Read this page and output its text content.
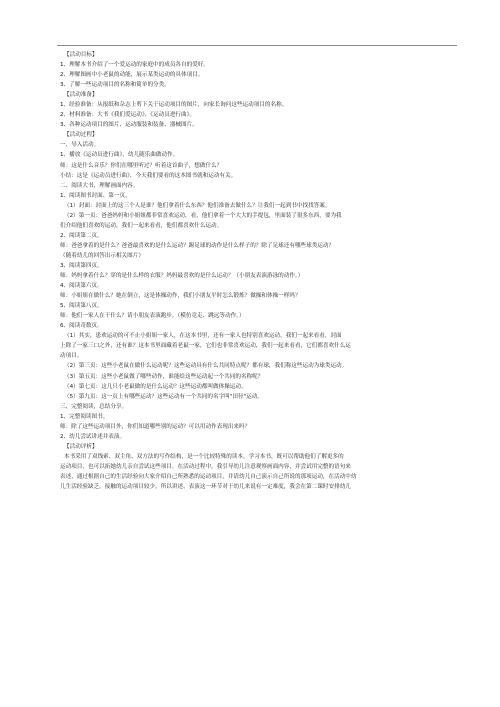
【活动目标】
1、理解本书介绍了一个爱运动的家庭中的成员各自的爱好。
2、理解图画中小老鼠的动能，展示某类运动的具体项目。
3、了解一些运动项目的名称和简单的分类。
【活动准备】
1、经验准备：从报纸和杂志上剪下关于运动项目的图片，向家长询问这些运动项目的名称。
2、材料准备：大书《我们爱运动》、《运动员进行曲》。
3、各种运动项目的图片、运动服装和装备、器械图片。
【活动过程】
一、导入活动。
1、播放《运动员进行曲》，幼儿随乐曲做动作。
师：这是什么音乐？你们在哪里听过？听着这首曲子，想做什么？
小结：这是《运动员进行曲》，今天我们要看的这本图书就和运动有关。
二、阅读大书，理解画面内容。
1、阅读图书封面、第一页。
（1）封面：封面上的这三个人是谁？他们拿着什么东西？他们准备去做什么？让我们一起到书中找找答案。
（2）第一页：爸爸妈妈和小姐姐都非常喜欢运动，看，他们拿着一个大大的手提包，里面装了很多东西，要为我
们介绍他们喜欢的运动，我们一起来看看，他们都喜欢什么运动。
2、阅读第二页。
师：爸爸拿着的是什么？爸爸最喜欢的是什么运动？踢足球的动作是什么样子的？除了足球还有哪些球类运动？
（随着幼儿的回答出示相关图片）
3、阅读第四页。
师：妈妈拿着什么？穿的是什么样的衣服？妈妈最喜欢的是什么运动？（小朋友表演游泳的动作。）
4、阅读第六页。
师：小姐姐在做什么？她在倒立，这是体操动作，我们小朋友平时怎么锻炼？做操和体操一样吗？
5、阅读第八页。
师：他们一家人在干什么？请小朋友表演跑步。（模仿竞走、跳远等动作。）
6、阅读奇数页。
（1）其实，患欢运动的可不止小姐姐一家人，在这本书里，还有一家人也特别喜欢运动，我们一起来看看，封面
上除了一家三口之外，还有谁？这本书里面藏着老鼠一家，它们也非常喜欢运动，我们一起来看看，它们都喜欢什么运
动项目。
（2）第三页：这些小老鼠在做什么运动呢？这些运动具有什么共同特点呢？都有球，我们称这些运动为球类运动。
（3）第五页：这些小老鼠做了哪些动作，谁能给这些运动起一个共同的名称呢？
（4）第七页：这几只小老鼠做的是什么运动？这些运动都叫做体操运动。
（5）第九页：这一页上有哪些运动？这些运动有一个共同的名字叫"田径"运动。
三、完整阅读，总结分享。
1、完整阅读图书。
师：除了这些运动项目外，你们知道哪些别的运动？可以用动作表现出来吗？
2、幼儿尝试讲述并表演。
【活动评析】
本书采用了双线索、双主角、双方法的写作结构，是一个比较特殊的读本。学习本书，既可以帮助他们了解更多的
运动项目，也可以拓她幼儿亲自尝试这些项目。在活动过程中，我引导幼儿注意观察画面内容，并尝试用完整的语句来
表述，通过根据自己的生活经验向大家介绍自己所熟悉的运动项目，并请幼儿自己演示自己所说的那项运动，在活动中幼
儿生活经验缺乏，接触的运动项目较少，所以讲述、表演这一环节对于幼儿来说有一定难度，我会在第二课时安排幼儿
